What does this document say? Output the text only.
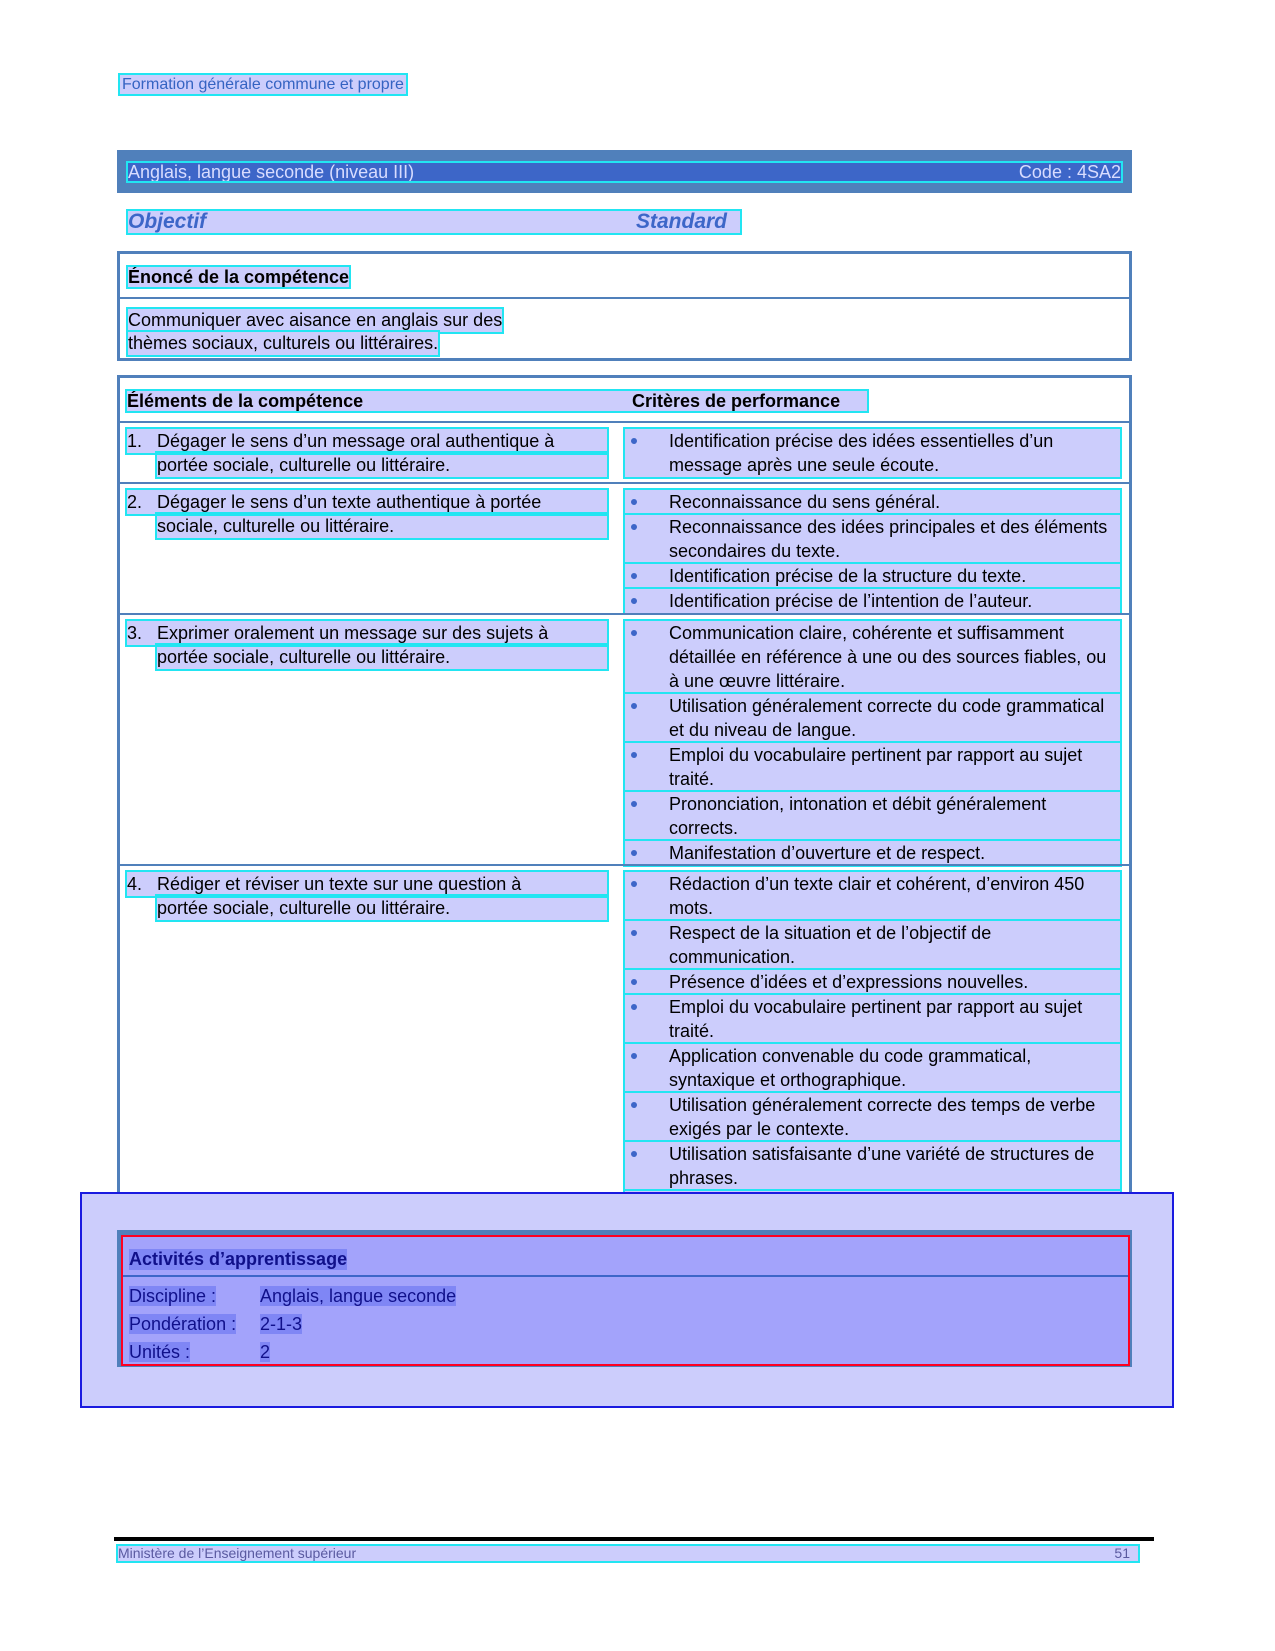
Formation générale commune et propre
Anglais, langue seconde (niveau III)	Code : 4SA2
Objectif	Standard
Énoncé de la compétence
Communiquer avec aisance en anglais sur des
thèmes sociaux, culturels ou littéraires.
Éléments de la compétence	Critères de performance
1. Dégager le sens d’un message oral authentique à
portée sociale, culturelle ou littéraire.
Identification précise des idées essentielles d’un message après une seule écoute.
2. Dégager le sens d’un texte authentique à portée
sociale, culturelle ou littéraire.
Reconnaissance du sens général.
Reconnaissance des idées principales et des éléments secondaires du texte.
Identification précise de la structure du texte.
Identification précise de l’intention de l’auteur.
3. Exprimer oralement un message sur des sujets à
portée sociale, culturelle ou littéraire.
Communication claire, cohérente et suffisamment détaillée en référence à une ou des sources fiables, ou à une œuvre littéraire.
Utilisation généralement correcte du code grammatical et du niveau de langue.
Emploi du vocabulaire pertinent par rapport au sujet traité.
Prononciation, intonation et débit généralement corrects.
Manifestation d’ouverture et de respect.
4. Rédiger et réviser un texte sur une question à
portée sociale, culturelle ou littéraire.
Rédaction d’un texte clair et cohérent, d’environ 450 mots.
Respect de la situation et de l’objectif de communication.
Présence d’idées et d’expressions nouvelles.
Emploi du vocabulaire pertinent par rapport au sujet traité.
Application convenable du code grammatical, syntaxique et orthographique.
Utilisation généralement correcte des temps de verbe exigés par le contexte.
Utilisation satisfaisante d’une variété de structures de phrases.
Activités d’apprentissage
Discipline : Anglais, langue seconde
Pondération : 2-1-3
Unités :	2
Ministère de l’Enseignement supérieur	51
